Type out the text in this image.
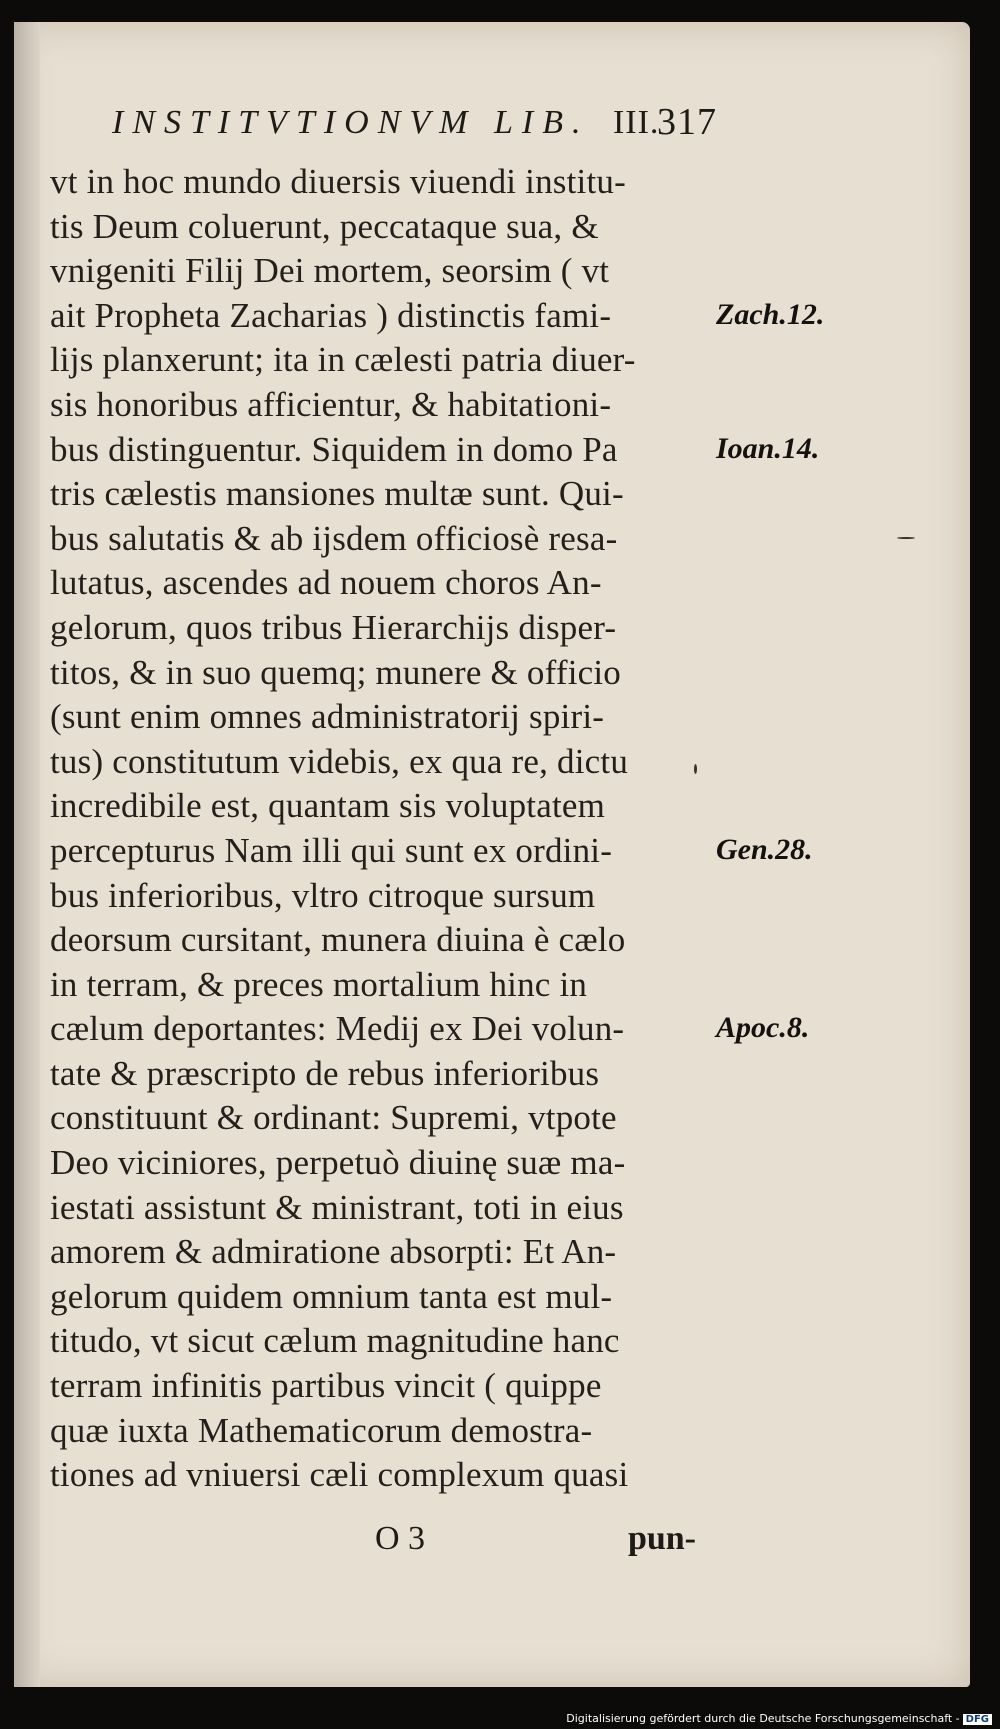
INSTITVTIONVM LIB. III.
317
vt in hoc mundo diuersis viuendi institu-
tis Deum coluerunt, peccataque sua, &
vnigeniti Filij Dei mortem, seorsim ( vt
ait Propheta Zacharias ) distinctis fami-
lijs planxerunt; ita in cælesti patria diuer-
sis honoribus afficientur, & habitationi-
bus distinguentur. Siquidem in domo Pa
tris cælestis mansiones multæ sunt. Qui-
bus salutatis & ab ijsdem officiosè resa-
lutatus, ascendes ad nouem choros An-
gelorum, quos tribus Hierarchijs disper-
titos, & in suo quemq; munere & officio
(sunt enim omnes administratorij spiri-
tus) constitutum videbis, ex qua re, dictu
incredibile est, quantam sis voluptatem
percepturus Nam illi qui sunt ex ordini-
bus inferioribus, vltro citroque sursum
deorsum cursitant, munera diuina è cælo
in terram, & preces mortalium hinc in
cælum deportantes: Medij ex Dei volun-
tate & præscripto de rebus inferioribus
constituunt & ordinant: Supremi, vtpote
Deo viciniores, perpetuò diuinę suæ ma-
iestati assistunt & ministrant, toti in eius
amorem & admiratione absorpti: Et An-
gelorum quidem omnium tanta est mul-
titudo, vt sicut cælum magnitudine hanc
terram infinitis partibus vincit ( quippe
quæ iuxta Mathematicorum demostra-
tiones ad vniuersi cæli complexum quasi
Zach.12.
Ioan.14.
Gen.28.
Apoc.8.
O 3	pun-
Digitalisierung gefördert durch die Deutsche Forschungsgemeinschaft - DFG
